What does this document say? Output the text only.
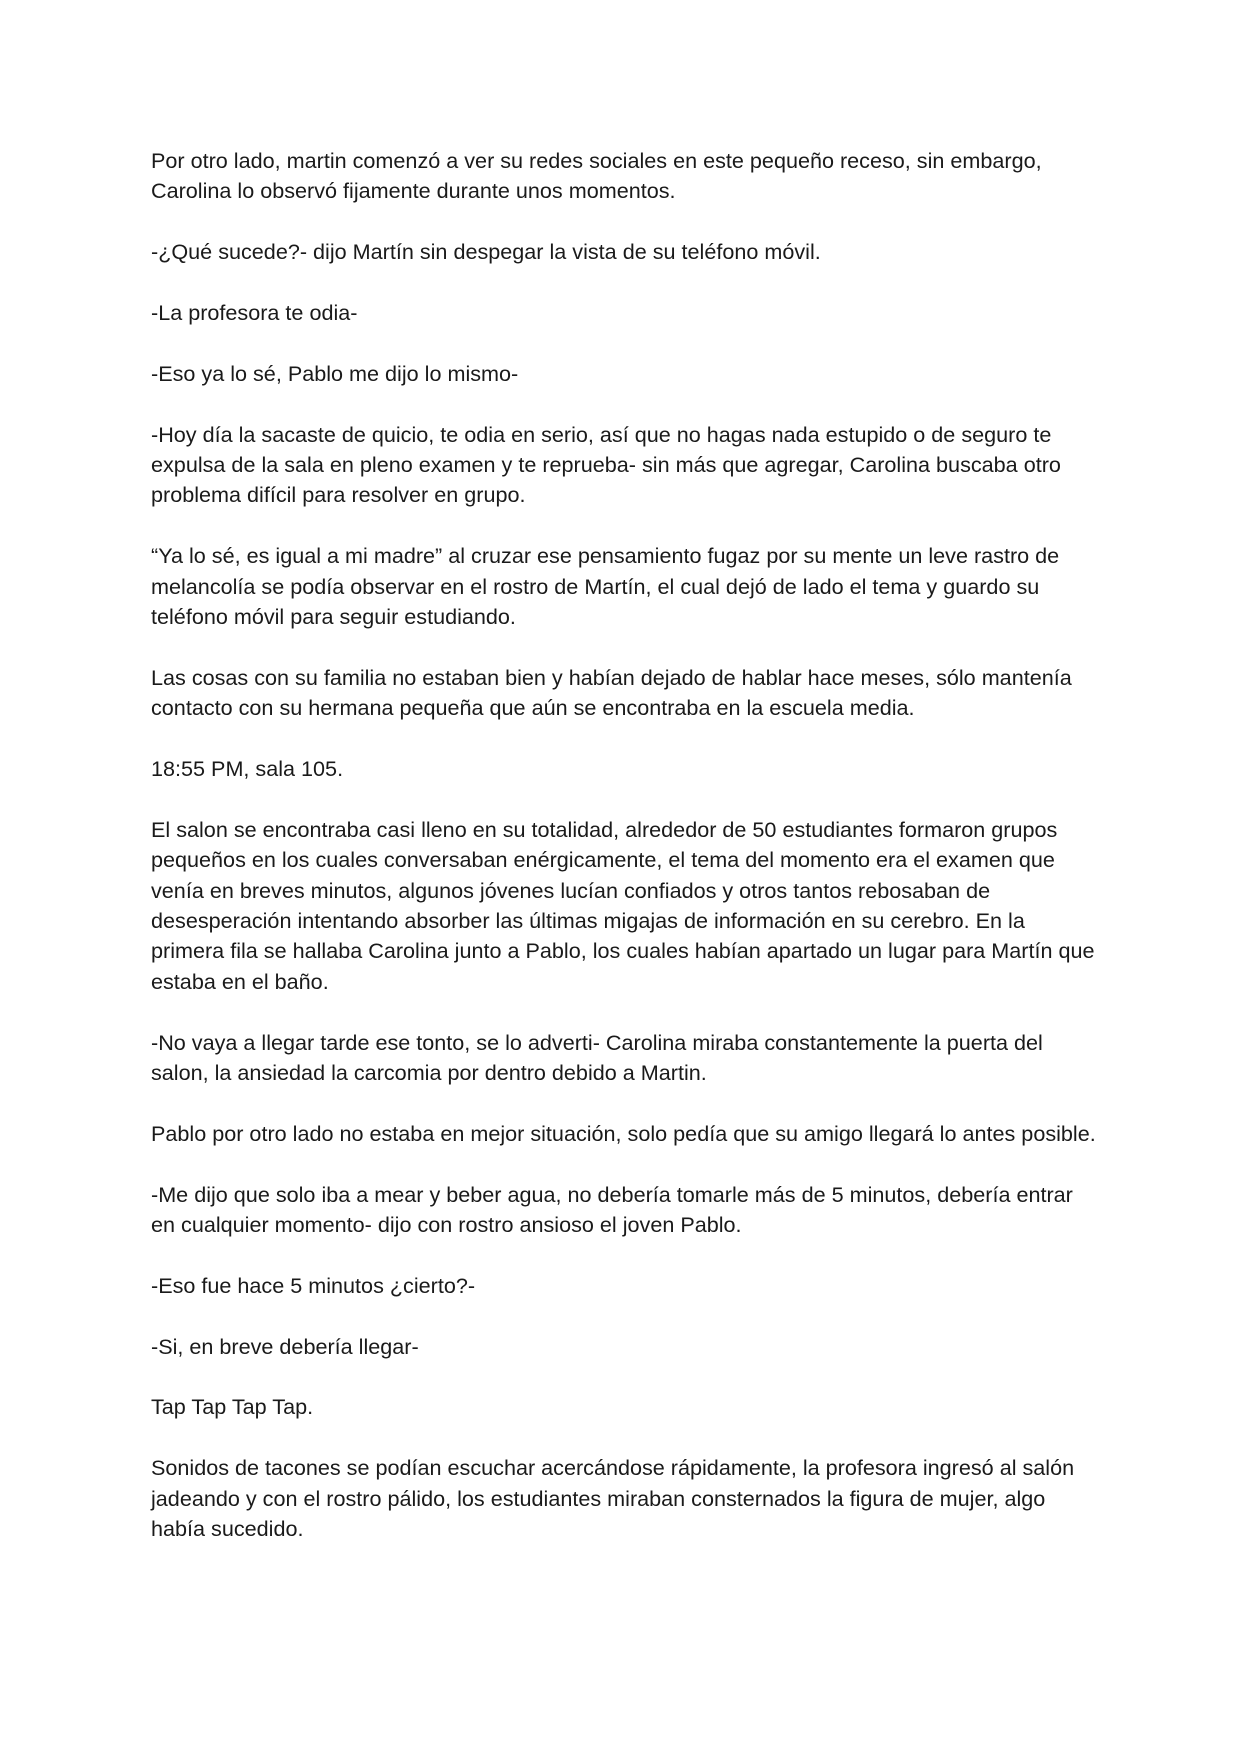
Por otro lado, martin comenzó a ver su redes sociales en este pequeño receso, sin embargo, Carolina lo observó fijamente durante unos momentos.

-¿Qué sucede?- dijo Martín sin despegar la vista de su teléfono móvil.

-La profesora te odia-

-Eso ya lo sé, Pablo me dijo lo mismo-

-Hoy día la sacaste de quicio, te odia en serio, así que no hagas nada estupido o de seguro te expulsa de la sala en pleno examen y te reprueba- sin más que agregar, Carolina buscaba otro problema difícil para resolver en grupo.

“Ya lo sé, es igual a mi madre” al cruzar ese pensamiento fugaz por su mente un leve rastro de melancolía se podía observar en el rostro de Martín, el cual dejó de lado el tema y guardo su teléfono móvil para seguir estudiando.

Las cosas con su familia no estaban bien y habían dejado de hablar hace meses, sólo mantenía contacto con su hermana pequeña que aún se encontraba en la escuela media.

18:55 PM, sala 105.

El salon se encontraba casi lleno en su totalidad, alrededor de 50 estudiantes formaron grupos pequeños en los cuales conversaban enérgicamente, el tema del momento era el examen que venía en breves minutos, algunos jóvenes lucían confiados y otros tantos rebosaban de desesperación intentando absorber las últimas migajas de información en su cerebro. En la primera fila se hallaba Carolina junto a Pablo, los cuales habían apartado un lugar para Martín que estaba en el baño.

-No vaya a llegar tarde ese tonto, se lo adverti- Carolina miraba constantemente la puerta del salon, la ansiedad la carcomia por dentro debido a Martin.

Pablo por otro lado no estaba en mejor situación, solo pedía que su amigo llegará lo antes posible.

-Me dijo que solo iba a mear y beber agua, no debería tomarle más de 5 minutos, debería entrar en cualquier momento- dijo con rostro ansioso el joven Pablo.

-Eso fue hace 5 minutos ¿cierto?-

-Si, en breve debería llegar-

Tap Tap Tap Tap.

Sonidos de tacones se podían escuchar acercándose rápidamente, la profesora ingresó al salón jadeando y con el rostro pálido, los estudiantes miraban consternados la figura de mujer, algo había sucedido.
